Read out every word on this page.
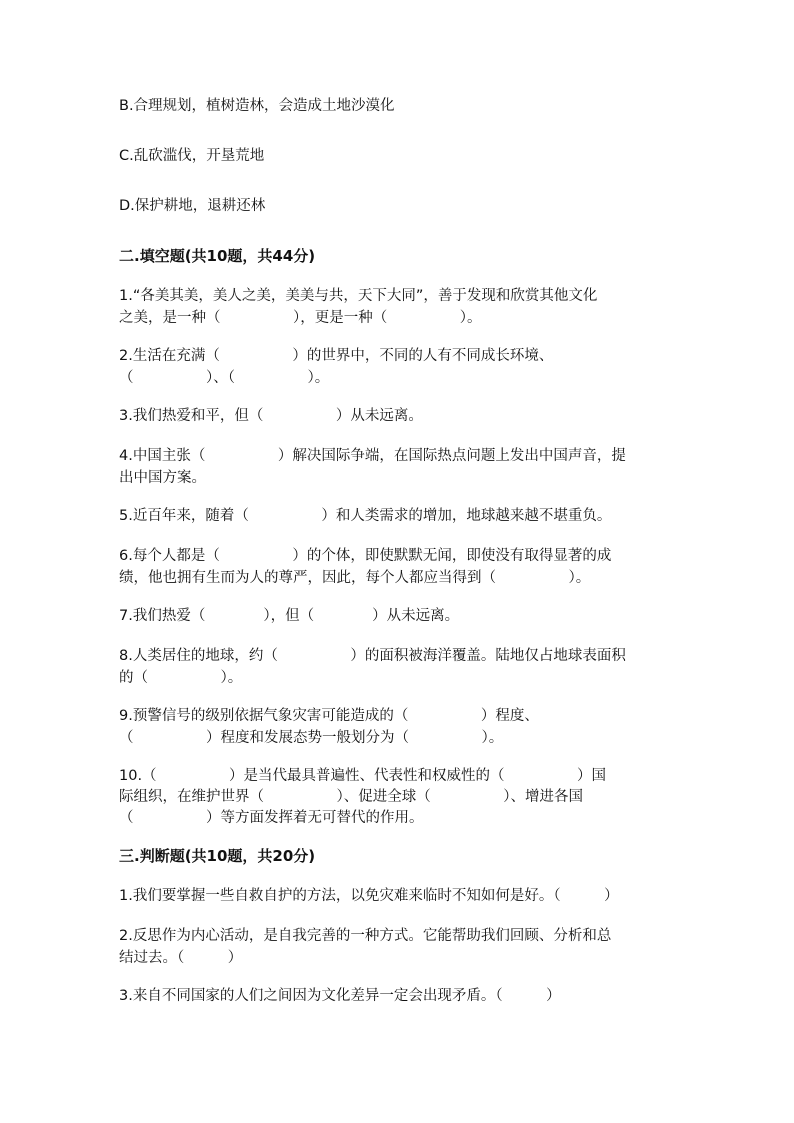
B.合理规划，植树造林，会造成土地沙漠化
C.乱砍滥伐，开垦荒地
D.保护耕地，退耕还林
二.填空题(共10题，共44分)
1.“各美其美，美人之美，美美与共，天下大同”，善于发现和欣赏其他文化
之美，是一种（　　　　　），更是一种（　　　　　）。
2.生活在充满（　　　　　）的世界中，不同的人有不同成长环境、
（　　　　　）、（　　　　　）。
3.我们热爱和平，但（　　　　　）从未远离。
4.中国主张（　　　　　）解决国际争端，在国际热点问题上发出中国声音，提
出中国方案。
5.近百年来，随着（　　　　　）和人类需求的增加，地球越来越不堪重负。
6.每个人都是（　　　　　）的个体，即使默默无闻，即使没有取得显著的成
绩，他也拥有生而为人的尊严，因此，每个人都应当得到（　　　　　）。
7.我们热爱（　　　　），但（　　　　）从未远离。
8.人类居住的地球，约（　　　　　）的面积被海洋覆盖。陆地仅占地球表面积
的（　　　　　）。
9.预警信号的级别依据气象灾害可能造成的（　　　　　）程度、
（　　　　　）程度和发展态势一般划分为（　　　　　）。
10.（　　　　　）是当代最具普遍性、代表性和权威性的（　　　　　）国
际组织，在维护世界（　　　　　）、促进全球（　　　　　）、增进各国
（　　　　　）等方面发挥着无可替代的作用。
三.判断题(共10题，共20分)
1.我们要掌握一些自救自护的方法，以免灾难来临时不知如何是好。（　　　）
2.反思作为内心活动，是自我完善的一种方式。它能帮助我们回顾、分析和总
结过去。（　　　）
3.来自不同国家的人们之间因为文化差异一定会出现矛盾。（　　　）
